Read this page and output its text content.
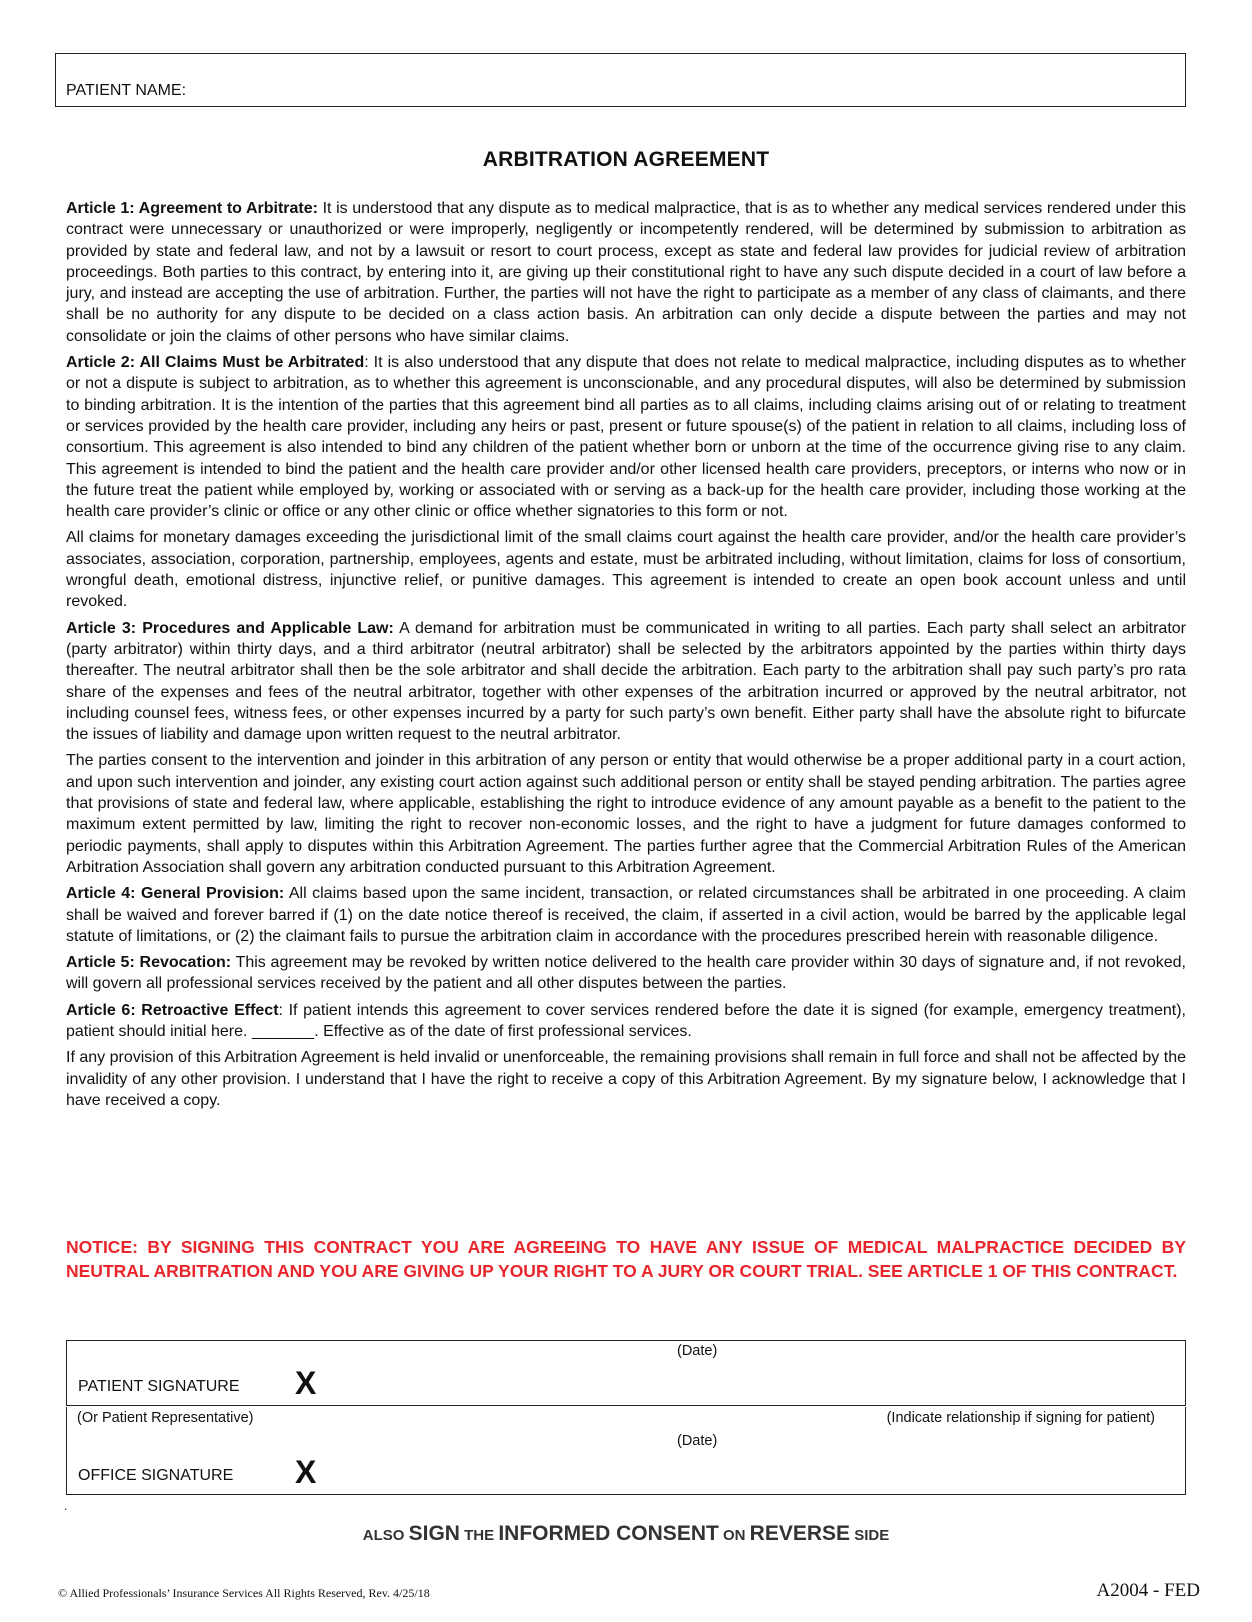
PATIENT NAME:
ARBITRATION AGREEMENT

Article 1: Agreement to Arbitrate: It is understood that any dispute as to medical malpractice, that is as to whether any medical services rendered under this contract were unnecessary or unauthorized or were improperly, negligently or incompetently rendered, will be determined by submission to arbitration as provided by state and federal law, and not by a lawsuit or resort to court process, except as state and federal law provides for judicial review of arbitration proceedings. Both parties to this contract, by entering into it, are giving up their constitutional right to have any such dispute decided in a court of law before a jury, and instead are accepting the use of arbitration. Further, the parties will not have the right to participate as a member of any class of claimants, and there shall be no authority for any dispute to be decided on a class action basis. An arbitration can only decide a dispute between the parties and may not consolidate or join the claims of other persons who have similar claims.

Article 2: All Claims Must be Arbitrated: It is also understood that any dispute that does not relate to medical malpractice, including disputes as to whether or not a dispute is subject to arbitration, as to whether this agreement is unconscionable, and any procedural disputes, will also be determined by submission to binding arbitration. It is the intention of the parties that this agreement bind all parties as to all claims, including claims arising out of or relating to treatment or services provided by the health care provider, including any heirs or past, present or future spouse(s) of the patient in relation to all claims, including loss of consortium. This agreement is also intended to bind any children of the patient whether born or unborn at the time of the occurrence giving rise to any claim. This agreement is intended to bind the patient and the health care provider and/or other licensed health care providers, preceptors, or interns who now or in the future treat the patient while employed by, working or associated with or serving as a back-up for the health care provider, including those working at the health care provider’s clinic or office or any other clinic or office whether signatories to this form or not.

All claims for monetary damages exceeding the jurisdictional limit of the small claims court against the health care provider, and/or the health care provider’s associates, association, corporation, partnership, employees, agents and estate, must be arbitrated including, without limitation, claims for loss of consortium, wrongful death, emotional distress, injunctive relief, or punitive damages. This agreement is intended to create an open book account unless and until revoked.

Article 3: Procedures and Applicable Law: A demand for arbitration must be communicated in writing to all parties. Each party shall select an arbitrator (party arbitrator) within thirty days, and a third arbitrator (neutral arbitrator) shall be selected by the arbitrators appointed by the parties within thirty days thereafter. The neutral arbitrator shall then be the sole arbitrator and shall decide the arbitration. Each party to the arbitration shall pay such party’s pro rata share of the expenses and fees of the neutral arbitrator, together with other expenses of the arbitration incurred or approved by the neutral arbitrator, not including counsel fees, witness fees, or other expenses incurred by a party for such party’s own benefit. Either party shall have the absolute right to bifurcate the issues of liability and damage upon written request to the neutral arbitrator.

The parties consent to the intervention and joinder in this arbitration of any person or entity that would otherwise be a proper additional party in a court action, and upon such intervention and joinder, any existing court action against such additional person or entity shall be stayed pending arbitration. The parties agree that provisions of state and federal law, where applicable, establishing the right to introduce evidence of any amount payable as a benefit to the patient to the maximum extent permitted by law, limiting the right to recover non-economic losses, and the right to have a judgment for future damages conformed to periodic payments, shall apply to disputes within this Arbitration Agreement. The parties further agree that the Commercial Arbitration Rules of the American Arbitration Association shall govern any arbitration conducted pursuant to this Arbitration Agreement.

Article 4: General Provision: All claims based upon the same incident, transaction, or related circumstances shall be arbitrated in one proceeding. A claim shall be waived and forever barred if (1) on the date notice thereof is received, the claim, if asserted in a civil action, would be barred by the applicable legal statute of limitations, or (2) the claimant fails to pursue the arbitration claim in accordance with the procedures prescribed herein with reasonable diligence.

Article 5: Revocation: This agreement may be revoked by written notice delivered to the health care provider within 30 days of signature and, if not revoked, will govern all professional services received by the patient and all other disputes between the parties.

Article 6: Retroactive Effect: If patient intends this agreement to cover services rendered before the date it is signed (for example, emergency treatment), patient should initial here. _______. Effective as of the date of first professional services.

If any provision of this Arbitration Agreement is held invalid or unenforceable, the remaining provisions shall remain in full force and shall not be affected by the invalidity of any other provision. I understand that I have the right to receive a copy of this Arbitration Agreement. By my signature below, I acknowledge that I have received a copy.

NOTICE: BY SIGNING THIS CONTRACT YOU ARE AGREEING TO HAVE ANY ISSUE OF MEDICAL MALPRACTICE DECIDED BY NEUTRAL ARBITRATION AND YOU ARE GIVING UP YOUR RIGHT TO A JURY OR COURT TRIAL. SEE ARTICLE 1 OF THIS CONTRACT.
(Date)
PATIENT SIGNATURE X
(Or Patient Representative)	(Indicate relationship if signing for patient)
(Date)
OFFICE SIGNATURE X
.
ALSO SIGN THE INFORMED CONSENT ON REVERSE SIDE
© Allied Professionals’ Insurance Services All Rights Reserved, Rev. 4/25/18	A2004 - FED
